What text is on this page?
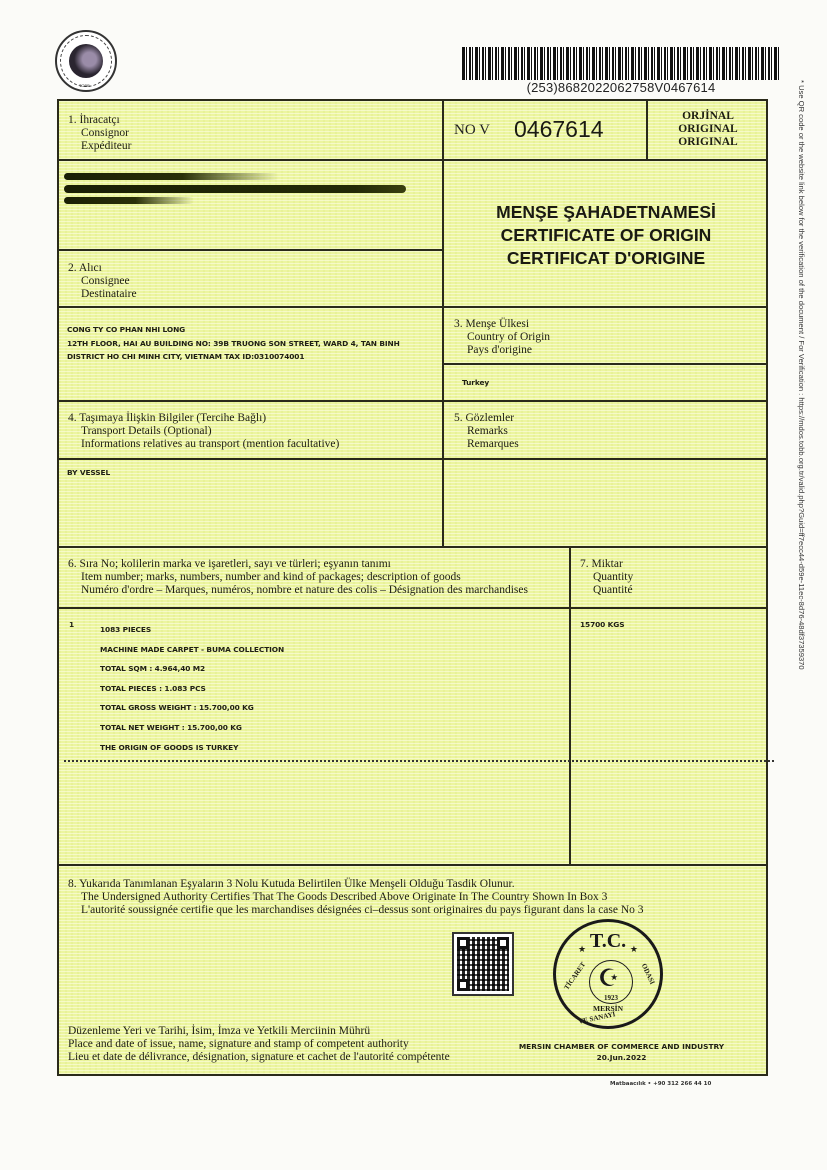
TOBB	(253)8682022062758V0467614	* Use QR code or the website link below for the verification of the document / For Verification : https://mdos.tobb.org.tr/valid.php?Guid=ff7ecc44-d59e-11ec-8d76-48df37359370
1. İhracatçı
Consignor
Expéditeur
NO V 0467614	ORJİNAL
ORIGINAL
ORIGINAL
MENŞE ŞAHADETNAMESİ
CERTIFICATE OF ORIGIN
CERTIFICAT D'ORIGINE
2. Alıcı
Consignee
Destinataire
CONG TY CO PHAN NHI LONG
12TH FLOOR, HAI AU BUILDING NO: 39B TRUONG SON STREET, WARD 4, TAN BINH
DISTRICT HO CHI MINH CITY, VIETNAM TAX ID:0310074001
3. Menşe Ülkesi
Country of Origin
Pays d'origine
Turkey
4. Taşımaya İlişkin Bilgiler (Tercihe Bağlı)
Transport Details (Optional)
Informations relatives au transport (mention facultative)
BY VESSEL
5. Gözlemler
Remarks
Remarques
6. Sıra No; kolilerin marka ve işaretleri, sayı ve türleri; eşyanın tanımı
Item number; marks, numbers, number and kind of packages; description of goods
Numéro d'ordre – Marques, numéros, nombre et nature des colis – Désignation des marchandises
1
1083 PIECES
MACHINE MADE CARPET - BUMA COLLECTION
TOTAL SQM : 4.964,40 M2
TOTAL PIECES : 1.083 PCS
TOTAL GROSS WEIGHT : 15.700,00 KG
TOTAL NET WEIGHT : 15.700,00 KG
THE ORIGIN OF GOODS IS TURKEY
7. Miktar
Quantity
Quantité
15700 KGS
8. Yukarıda Tanımlanan Eşyaların 3 Nolu Kutuda Belirtilen Ülke Menşeli Olduğu Tasdik Olunur.
The Undersigned Authority Certifies That The Goods Described Above Originate In The Country Shown In Box 3
L'autorité soussignée certifie que les marchandises désignées ci–dessus sont originaires du pays figurant dans la case No 3
★ T.C. ★
☪
1923
TİCARET	ODASI
MERSİN
VE SANAYİ
Düzenleme Yeri ve Tarihi, İsim, İmza ve Yetkili Merciinin Mührü
Place and date of issue, name, signature and stamp of competent authority
Lieu et date de délivrance, désignation, signature et cachet de l'autorité compétente
MERSIN CHAMBER OF COMMERCE AND INDUSTRY
20.Jun.2022
Matbaacılık • +90 312 266 44 10
